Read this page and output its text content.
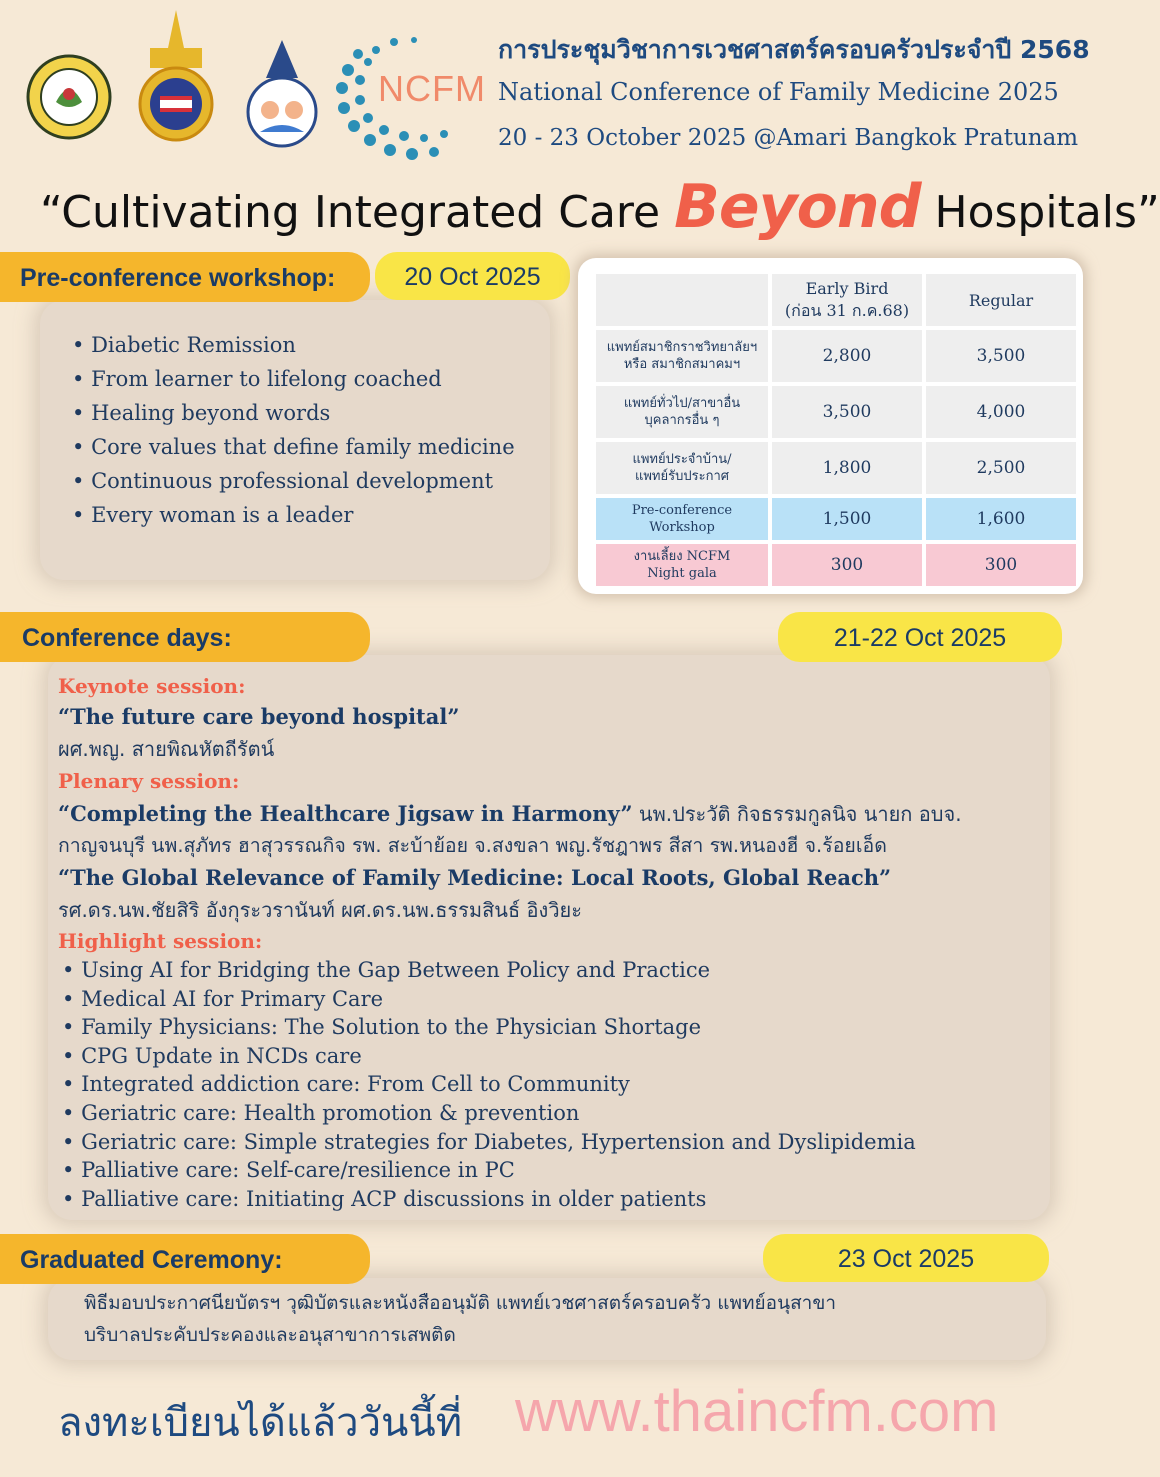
NCFM
การประชุมวิชาการเวชศาสตร์ครอบครัวประจำปี 2568
National Conference of Family Medicine 2025
20 - 23 October 2025 @Amari Bangkok Pratunam
“Cultivating Integrated Care Beyond Hospitals”
Pre-conference workshop:	20 Oct 2025
• Diabetic Remission
• From learner to lifelong coached
• Healing beyond words
• Core values that define family medicine
• Continuous professional development
• Every woman is a leader
	Early Bird
(ก่อน 31 ก.ค.68)	Regular
แพทย์สมาชิกราชวิทยาลัยฯ
หรือ สมาชิกสมาคมฯ	2,800	3,500
แพทย์ทั่วไป/สาขาอื่น
บุคลากรอื่น ๆ	3,500	4,000
แพทย์ประจำบ้าน/
แพทย์รับประกาศ	1,800	2,500
Pre-conference
Workshop	1,500	1,600
งานเลี้ยง NCFM
Night gala	300	300
Conference days:	21-22 Oct 2025
Keynote session:
“The future care beyond hospital”
ผศ.พญ. สายพิณหัตถีรัตน์
Plenary session:
“Completing the Healthcare Jigsaw in Harmony” นพ.ประวัติ กิจธรรมกูลนิจ นายก อบจ.
กาญจนบุรี นพ.สุภัทร ฮาสุวรรณกิจ รพ. สะบ้าย้อย จ.สงขลา พญ.รัชฎาพร สีสา รพ.หนองฮี จ.ร้อยเอ็ด
“The Global Relevance of Family Medicine: Local Roots, Global Reach”
รศ.ดร.นพ.ชัยสิริ อังกุระวรานันท์ ผศ.ดร.นพ.ธรรมสินธ์ อิงวิยะ
Highlight session:
• Using AI for Bridging the Gap Between Policy and Practice
• Medical AI for Primary Care
• Family Physicians: The Solution to the Physician Shortage
• CPG Update in NCDs care
• Integrated addiction care: From Cell to Community
• Geriatric care: Health promotion & prevention
• Geriatric care: Simple strategies for Diabetes, Hypertension and Dyslipidemia
• Palliative care: Self-care/resilience in PC
• Palliative care: Initiating ACP discussions in older patients
Graduated Ceremony:	23 Oct 2025
พิธีมอบประกาศนียบัตรฯ วุฒิบัตรและหนังสืออนุมัติ แพทย์เวชศาสตร์ครอบครัว แพทย์อนุสาขา
บริบาลประคับประคองและอนุสาขาการเสพติด
ลงทะเบียนได้แล้ววันนี้ที่ www.thaincfm.com
